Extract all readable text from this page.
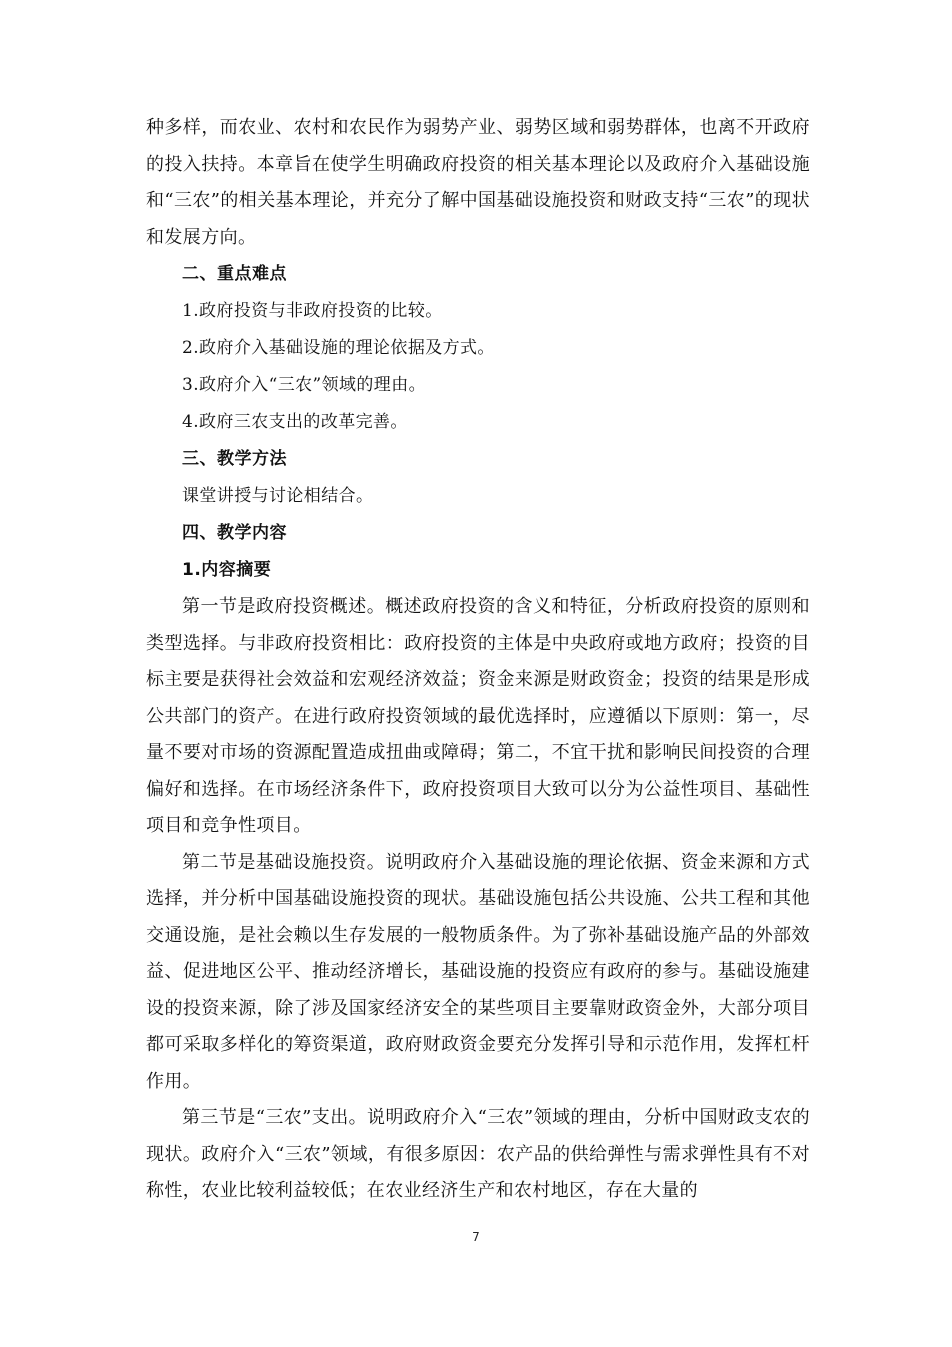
种多样，而农业、农村和农民作为弱势产业、弱势区域和弱势群体，也离不开政府的投入扶持。本章旨在使学生明确政府投资的相关基本理论以及政府介入基础设施和“三农”的相关基本理论，并充分了解中国基础设施投资和财政支持“三农”的现状和发展方向。

二、重点难点

1.政府投资与非政府投资的比较。

2.政府介入基础设施的理论依据及方式。

3.政府介入“三农”领域的理由。

4.政府三农支出的改革完善。

三、教学方法

课堂讲授与讨论相结合。

四、教学内容

1.内容摘要

第一节是政府投资概述。概述政府投资的含义和特征，分析政府投资的原则和类型选择。与非政府投资相比：政府投资的主体是中央政府或地方政府；投资的目标主要是获得社会效益和宏观经济效益；资金来源是财政资金；投资的结果是形成公共部门的资产。在进行政府投资领域的最优选择时，应遵循以下原则：第一，尽量不要对市场的资源配置造成扭曲或障碍；第二，不宜干扰和影响民间投资的合理偏好和选择。在市场经济条件下，政府投资项目大致可以分为公益性项目、基础性项目和竞争性项目。

第二节是基础设施投资。说明政府介入基础设施的理论依据、资金来源和方式选择，并分析中国基础设施投资的现状。基础设施包括公共设施、公共工程和其他交通设施，是社会赖以生存发展的一般物质条件。为了弥补基础设施产品的外部效益、促进地区公平、推动经济增长，基础设施的投资应有政府的参与。基础设施建设的投资来源，除了涉及国家经济安全的某些项目主要靠财政资金外，大部分项目都可采取多样化的筹资渠道，政府财政资金要充分发挥引导和示范作用，发挥杠杆作用。

第三节是“三农”支出。说明政府介入“三农”领域的理由，分析中国财政支农的现状。政府介入“三农”领域，有很多原因：农产品的供给弹性与需求弹性具有不对称性，农业比较利益较低；在农业经济生产和农村地区，存在大量的

7
